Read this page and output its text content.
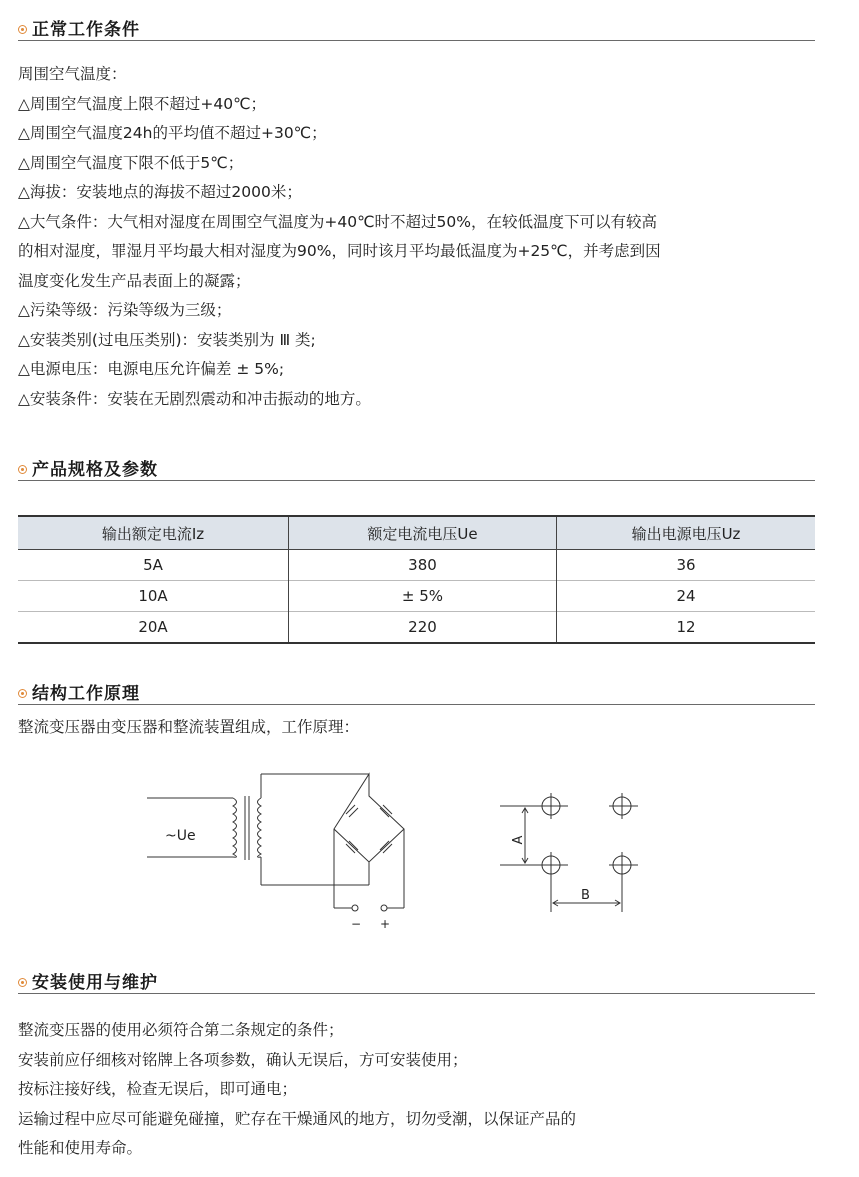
正常工作条件
周围空气温度：
△周围空气温度上限不超过+40℃；
△周围空气温度24h的平均值不超过+30℃；
△周围空气温度下限不低于5℃；
△海拔：安装地点的海拔不超过2000米；
△大气条件：大气相对湿度在周围空气温度为+40℃时不超过50%，在较低温度下可以有较高
的相对湿度，罪湿月平均最大相对湿度为90%，同时该月平均最低温度为+25℃，并考虑到因
温度变化发生产品表面上的凝露；
△污染等级：污染等级为三级；
△安装类别(过电压类别)：安装类别为 Ⅲ 类;
△电源电压：电源电压允许偏差 ± 5%;
△安装条件：安装在无剧烈震动和冲击振动的地方。
产品规格及参数
输出额定电流Iz	额定电流电压Ue	输出电源电压Uz
5A	380	36
10A	± 5%	24
20A	220	12
结构工作原理
整流变压器由变压器和整流装置组成，工作原理：
~Ue
− +
A
B
安装使用与维护
整流变压器的使用必须符合第二条规定的条件；
安装前应仔细核对铭牌上各项参数，确认无误后，方可安装使用；
按标注接好线，检查无误后，即可通电；
运输过程中应尽可能避免碰撞，贮存在干燥通风的地方，切勿受潮，以保证产品的
性能和使用寿命。
